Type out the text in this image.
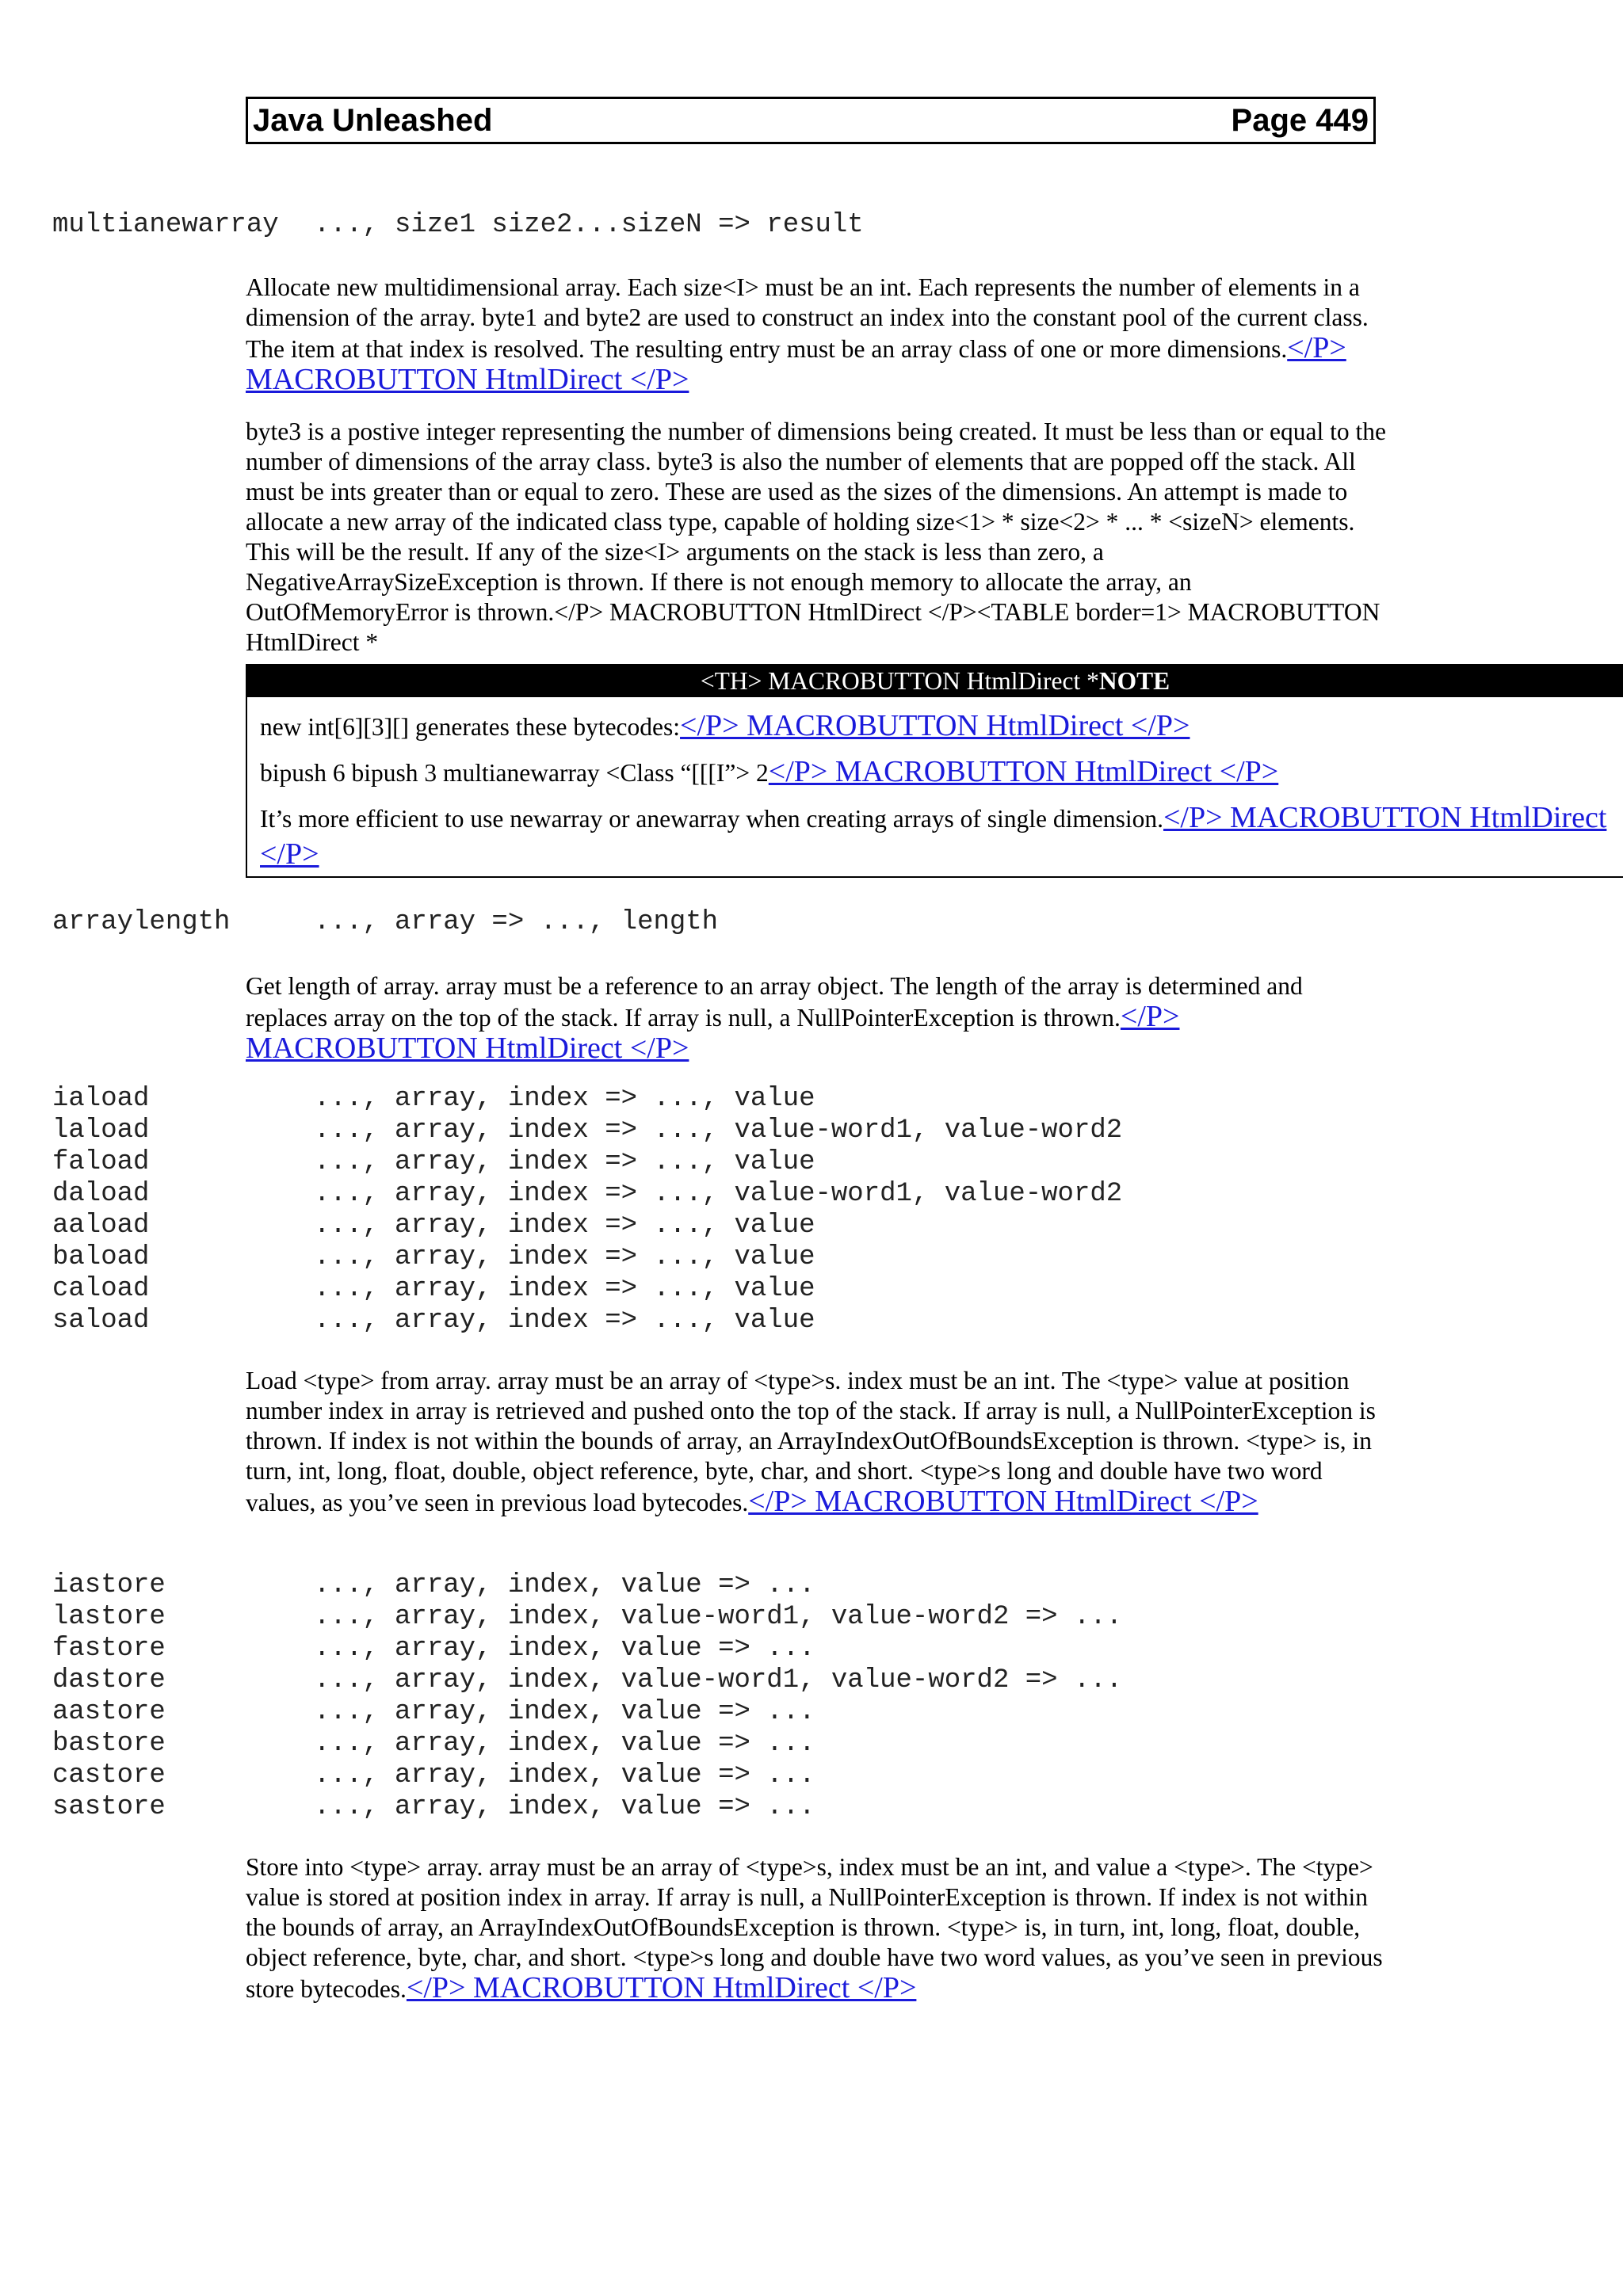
Java Unleashed	Page 449
multianewarray ..., size1 size2...sizeN => result

Allocate new multidimensional array. Each size<I> must be an int. Each represents the number of elements in a dimension of the array. byte1 and byte2 are used to construct an index into the constant pool of the current class. The item at that index is resolved. The resulting entry must be an array class of one or more dimensions.</P> MACROBUTTON HtmlDirect </P>

byte3 is a postive integer representing the number of dimensions being created. It must be less than or equal to the number of dimensions of the array class. byte3 is also the number of elements that are popped off the stack. All must be ints greater than or equal to zero. These are used as the sizes of the dimensions. An attempt is made to allocate a new array of the indicated class type, capable of holding size<1> * size<2> * ... * <sizeN> elements. This will be the result. If any of the size<I> arguments on the stack is less than zero, a NegativeArraySizeException is thrown. If there is not enough memory to allocate the array, an OutOfMemoryError is thrown.</P> MACROBUTTON HtmlDirect </P><TABLE border=1> MACROBUTTON HtmlDirect *

<TH> MACROBUTTON HtmlDirect *NOTE

new int[6][3][] generates these bytecodes:</P> MACROBUTTON HtmlDirect </P>

bipush 6 bipush 3 multianewarray <Class “[[[I”> 2</P> MACROBUTTON HtmlDirect </P>

It’s more efficient to use newarray or anewarray when creating arrays of single dimension.</P> MACROBUTTON HtmlDirect </P>

arraylength	..., array => ..., length

Get length of array. array must be a reference to an array object. The length of the array is determined and replaces array on the top of the stack. If array is null, a NullPointerException is thrown.</P> MACROBUTTON HtmlDirect </P>

iaload	..., array, index => ..., value
laload	..., array, index => ..., value-word1, value-word2
faload	..., array, index => ..., value
daload	..., array, index => ..., value-word1, value-word2
aaload	..., array, index => ..., value
baload	..., array, index => ..., value
caload	..., array, index => ..., value
saload	..., array, index => ..., value

Load <type> from array. array must be an array of <type>s. index must be an int. The <type> value at position number index in array is retrieved and pushed onto the top of the stack. If array is null, a NullPointerException is thrown. If index is not within the bounds of array, an ArrayIndexOutOfBoundsException is thrown. <type> is, in turn, int, long, float, double, object reference, byte, char, and short. <type>s long and double have two word values, as you’ve seen in previous load bytecodes.</P> MACROBUTTON HtmlDirect </P>

iastore	..., array, index, value => ...
lastore	..., array, index, value-word1, value-word2 => ...
fastore	..., array, index, value => ...
dastore	..., array, index, value-word1, value-word2 => ...
aastore	..., array, index, value => ...
bastore	..., array, index, value => ...
castore	..., array, index, value => ...
sastore	..., array, index, value => ...

Store into <type> array. array must be an array of <type>s, index must be an int, and value a <type>. The <type> value is stored at position index in array. If array is null, a NullPointerException is thrown. If index is not within the bounds of array, an ArrayIndexOutOfBoundsException is thrown. <type> is, in turn, int, long, float, double, object reference, byte, char, and short. <type>s long and double have two word values, as you’ve seen in previous store bytecodes.</P> MACROBUTTON HtmlDirect </P>
